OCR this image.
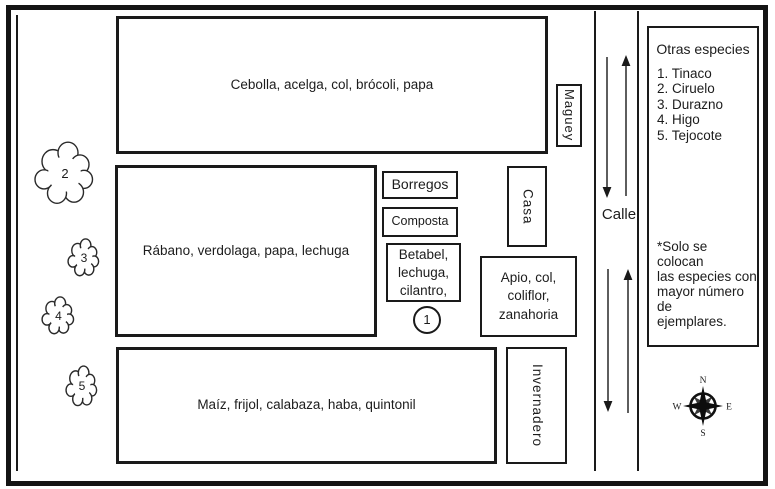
Cebolla, acelga, col, brócoli, papa
Rábano, verdolaga, papa, lechuga
Maíz, frijol, calabaza, haba, quintonil
Maguey
Borregos
Composta
Betabel,
lechuga,
cilantro,
1
Casa
Apio, col,
coliflor,
zanahoria
Invernadero
Calle
Otras especies
1. Tinaco
2. Ciruelo
3. Durazno
4. Higo
5. Tejocote
*Solo se colocan
las especies con
mayor número de
ejemplares.
N
S
W	E
2
3
4
5
